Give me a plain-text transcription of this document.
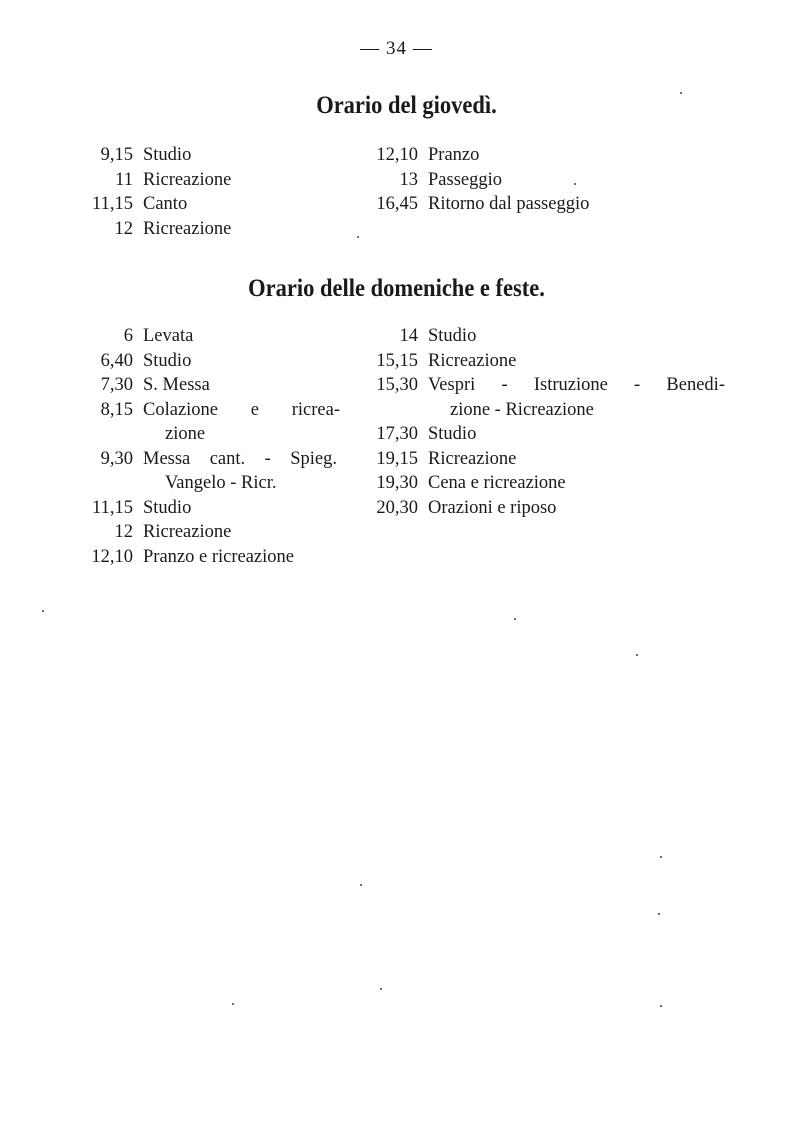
— 34 —
Orario del giovedì.
9,15 Studio
11 Ricreazione
11,15 Canto
12 Ricreazione
12,10 Pranzo
13 Passeggio
16,45 Ritorno dal passeggio
Orario delle domeniche e feste.
6 Levata
6,40 Studio
7,30 S. Messa
8,15 Colazione e ricrea-
zione
9,30 Messa cant. - Spieg.
Vangelo - Ricr.
11,15 Studio
12 Ricreazione
12,10 Pranzo e ricreazione
14 Studio
15,15 Ricreazione
15,30 Vespri - Istruzione - Benedi-
zione - Ricreazione
17,30 Studio
19,15 Ricreazione
19,30 Cena e ricreazione
20,30 Orazioni e riposo
